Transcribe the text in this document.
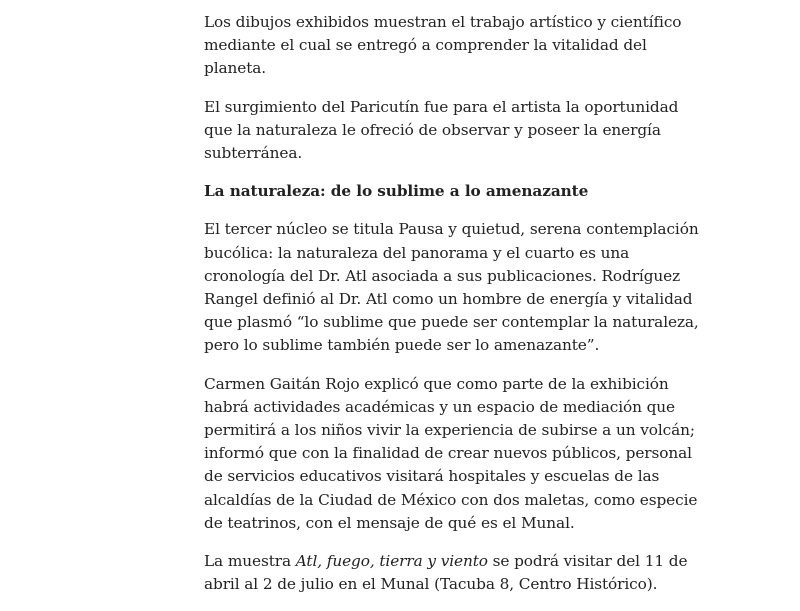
Los dibujos exhibidos muestran el trabajo artístico y científico mediante el cual se entregó a comprender la vitalidad del planeta.

El surgimiento del Paricutín fue para el artista la oportunidad que la naturaleza le ofreció de observar y poseer la energía subterránea.

La naturaleza: de lo sublime a lo amenazante

El tercer núcleo se titula Pausa y quietud, serena contemplación bucólica: la naturaleza del panorama y el cuarto es una cronología del Dr. Atl asociada a sus publicaciones. Rodríguez Rangel definió al Dr. Atl como un hombre de energía y vitalidad que plasmó “lo sublime que puede ser contemplar la naturaleza, pero lo sublime también puede ser lo amenazante”.

Carmen Gaitán Rojo explicó que como parte de la exhibición habrá actividades académicas y un espacio de mediación que permitirá a los niños vivir la experiencia de subirse a un volcán; informó que con la finalidad de crear nuevos públicos, personal de servicios educativos visitará hospitales y escuelas de las alcaldías de la Ciudad de México con dos maletas, como especie de teatrinos, con el mensaje de qué es el Munal.

La muestra Atl, fuego, tierra y viento se podrá visitar del 11 de abril al 2 de julio en el Munal (Tacuba 8, Centro Histórico).
